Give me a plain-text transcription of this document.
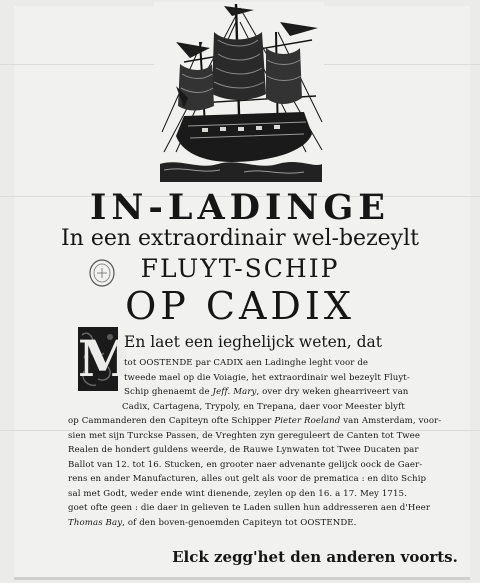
IN-LADINGE
In een extraordinair wel-bezeylt
FLUYT-SCHIP
OP CADIX
M
En laet een ieghelijck weten, dat
tot OOSTENDE par CADIX aen Ladinghe leght voor de
tweede mael op die Voiagie, het extraordinair wel bezeylt Fluyt-
Schip ghenaemt de Jeff. Mary, over dry weken ghearriveert van
Cadix, Cartagena, Trypoly, en Trepana, daer voor Meester blyft
op Cammanderen den Capiteyn ofte Schipper Pieter Roeland van Amsterdam, voor-
sien met sijn Turckse Passen, de Vreghten zyn gereguleert de Canten tot Twee
Realen de hondert guldens weerde, de Rauwe Lynwaten tot Twee Ducaten par
Ballot van 12. tot 16. Stucken, en grooter naer advenante gelijck oock de Gaer-
rens en ander Manufacturen, alles out gelt als voor de prematica : en dito Schip
sal met Godt, weder ende wint dienende, zeylen op den 16. a 17. Mey 1715.
goet ofte geen : die daer in gelieven te Laden sullen hun addresseren aen d'Heer
Thomas Bay, of den boven-genoemden Capiteyn tot OOSTENDE.
Elck zegg'het den anderen voorts.
